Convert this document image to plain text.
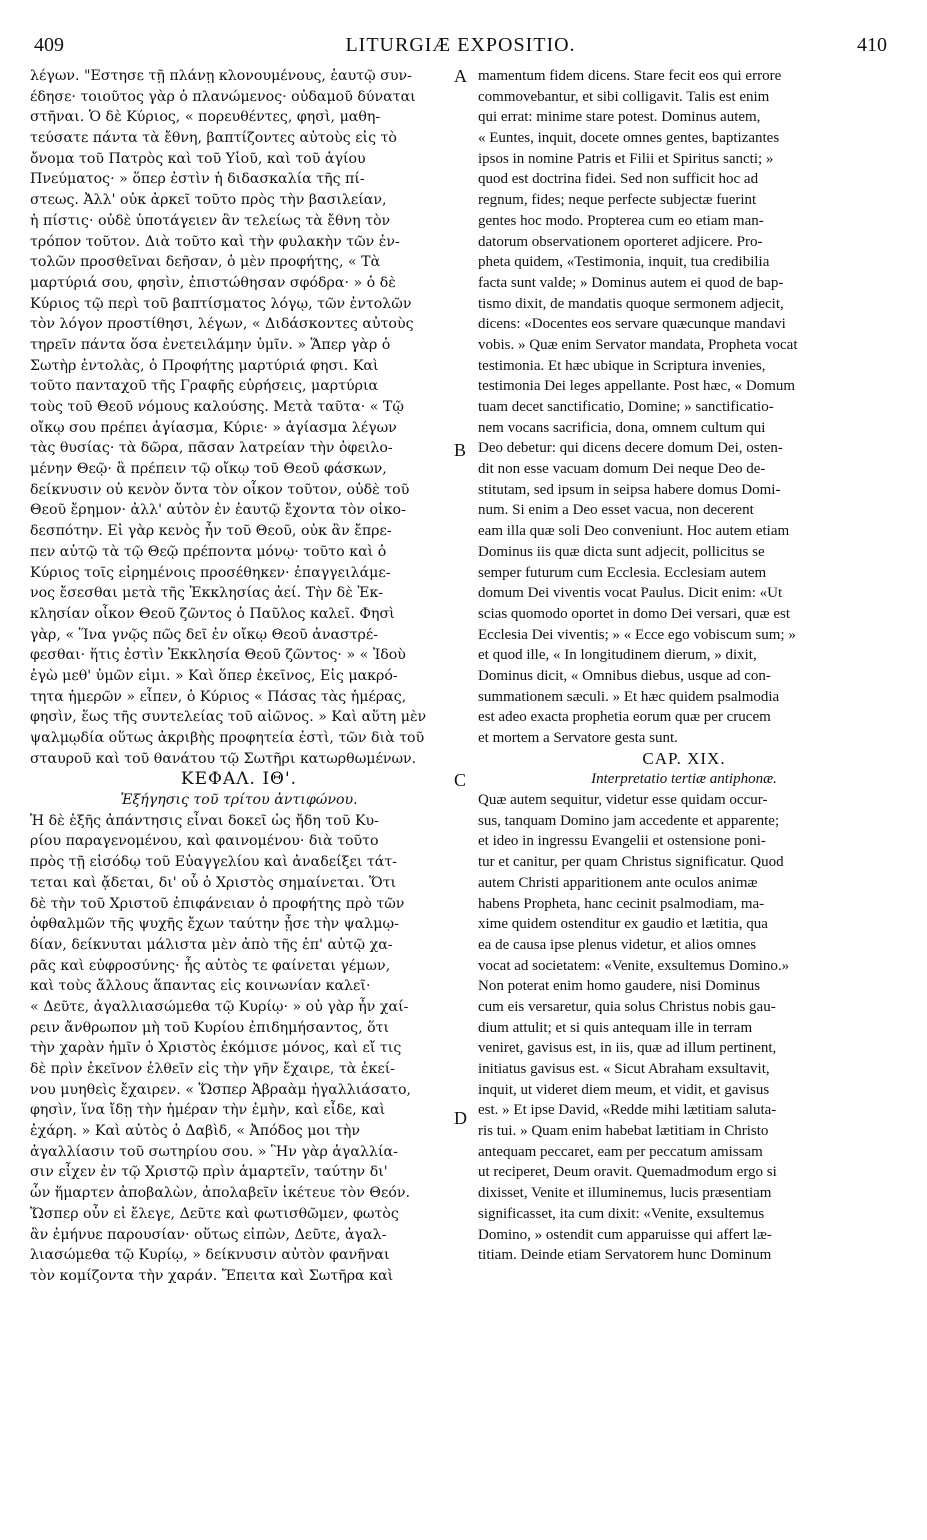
409	LITURGIÆ EXPOSITIO.	410
λέγων. "Εστησε τῇ πλάνῃ κλονουμένους, ἑαυτῷ συν-
έδησε· τοιοῦτος γὰρ ὁ πλανώμενος· οὐδαμοῦ δύναται
στῆναι. Ὁ δὲ Κύριος, « πορευθέντες, φησὶ, μαθη-
τεύσατε πάντα τὰ ἔθνη, βαπτίζοντες αὐτοὺς εἰς τὸ
ὄνομα τοῦ Πατρὸς καὶ τοῦ Υἱοῦ, καὶ τοῦ ἁγίου
Πνεύματος· » ὅπερ ἐστὶν ἡ διδασκαλία τῆς πί-
στεως. Ἀλλ' οὐκ ἀρκεῖ τοῦτο πρὸς τὴν βασιλείαν,
ἡ πίστις· οὐδὲ ὑποτάγειεν ἂν τελείως τὰ ἔθνη τὸν
τρόπον τοῦτον. Διὰ τοῦτο καὶ τὴν φυλακὴν τῶν ἐν-
τολῶν προσθεῖναι δεῆσαν, ὁ μὲν προφήτης, « Τὰ
μαρτύριά σου, φησὶν, ἐπιστώθησαν σφόδρα· » ὁ δὲ
Κύριος τῷ περὶ τοῦ βαπτίσματος λόγῳ, τῶν ἐντολῶν
τὸν λόγον προστίθησι, λέγων, « Διδάσκοντες αὐτοὺς
τηρεῖν πάντα ὅσα ἐνετειλάμην ὑμῖν. » Ἅπερ γὰρ ὁ
Σωτὴρ ἐντολὰς, ὁ Προφήτης μαρτύριά φησι. Καὶ
τοῦτο πανταχοῦ τῆς Γραφῆς εὑρήσεις, μαρτύρια
τοὺς τοῦ Θεοῦ νόμους καλούσης. Μετὰ ταῦτα· « Τῷ
οἴκῳ σου πρέπει ἁγίασμα, Κύριε· » ἁγίασμα λέγων
τὰς θυσίας· τὰ δῶρα, πᾶσαν λατρείαν τὴν ὀφειλο-
μένην Θεῷ· ἃ πρέπειν τῷ οἴκῳ τοῦ Θεοῦ φάσκων,
δείκνυσιν οὐ κενὸν ὄντα τὸν οἶκον τοῦτον, οὐδὲ τοῦ
Θεοῦ ἔρημον· ἀλλ' αὐτὸν ἐν ἑαυτῷ ἔχοντα τὸν οἰκο-
δεσπότην. Εἰ γὰρ κενὸς ἦν τοῦ Θεοῦ, οὐκ ἂν ἔπρε-
πεν αὐτῷ τὰ τῷ Θεῷ πρέποντα μόνῳ· τοῦτο καὶ ὁ
Κύριος τοῖς εἰρημένοις προσέθηκεν· ἐπαγγειλάμε-
νος ἔσεσθαι μετὰ τῆς Ἐκκλησίας ἀεί. Τὴν δὲ Ἐκ-
κλησίαν οἶκον Θεοῦ ζῶντος ὁ Παῦλος καλεῖ. Φησὶ
γὰρ, « Ἵνα γνῷς πῶς δεῖ ἐν οἴκῳ Θεοῦ ἀναστρέ-
φεσθαι· ἥτις ἐστὶν Ἐκκλησία Θεοῦ ζῶντος· » « Ἰδοὺ
ἐγὼ μεθ' ὑμῶν εἰμι. » Καὶ ὅπερ ἐκεῖνος, Εἰς μακρό-
τητα ἡμερῶν » εἶπεν, ὁ Κύριος « Πάσας τὰς ἡμέρας,
φησὶν, ἕως τῆς συντελείας τοῦ αἰῶνος. » Καὶ αὕτη μὲν
ψαλμῳδία οὕτως ἀκριβὴς προφητεία ἐστὶ, τῶν διὰ τοῦ
σταυροῦ καὶ τοῦ θανάτου τῷ Σωτῆρι κατωρθωμένων.
ΚΕΦΑΛ. ΙΘ'.
Ἐξήγησις τοῦ τρίτου ἀντιφώνου.
Ἡ δὲ ἑξῆς ἀπάντησις εἶναι δοκεῖ ὡς ἤδη τοῦ Κυ-
ρίου παραγενομένου, καὶ φαινομένου· διὰ τοῦτο
πρὸς τῇ εἰσόδῳ τοῦ Εὐαγγελίου καὶ ἀναδείξει τάτ-
τεται καὶ ᾄδεται, δι' οὗ ὁ Χριστὸς σημαίνεται. Ὅτι
δὲ τὴν τοῦ Χριστοῦ ἐπιφάνειαν ὁ προφήτης πρὸ τῶν
ὀφθαλμῶν τῆς ψυχῆς ἔχων ταύτην ᾖσε τὴν ψαλμῳ-
δίαν, δείκνυται μάλιστα μὲν ἀπὸ τῆς ἐπ' αὐτῷ χα-
ρᾶς καὶ εὐφροσύνης· ἧς αὐτὸς τε φαίνεται γέμων,
καὶ τοὺς ἄλλους ἅπαντας εἰς κοινωνίαν καλεῖ·
« Δεῦτε, ἀγαλλιασώμεθα τῷ Κυρίῳ· » οὐ γὰρ ἦν χαί-
ρειν ἄνθρωπον μὴ τοῦ Κυρίου ἐπιδημήσαντος, ὅτι
τὴν χαρὰν ἡμῖν ὁ Χριστὸς ἐκόμισε μόνος, καὶ εἴ τις
δὲ πρὶν ἐκεῖνον ἐλθεῖν εἰς τὴν γῆν ἔχαιρε, τὰ ἐκεί-
νου μυηθεὶς ἔχαιρεν. « Ὥσπερ Ἀβραὰμ ἠγαλλιάσατο,
φησὶν, ἵνα ἴδῃ τὴν ἡμέραν τὴν ἐμὴν, καὶ εἶδε, καὶ
ἐχάρη. » Καὶ αὐτὸς ὁ Δαβὶδ, « Ἀπόδος μοι τὴν
ἀγαλλίασιν τοῦ σωτηρίου σου. » Ἣν γὰρ ἀγαλλία-
σιν εἶχεν ἐν τῷ Χριστῷ πρὶν ἁμαρτεῖν, ταύτην δι'
ὧν ἥμαρτεν ἀποβαλὼν, ἀπολαβεῖν ἱκέτευε τὸν Θεόν.
Ὥσπερ οὖν εἰ ἔλεγε, Δεῦτε καὶ φωτισθῶμεν, φωτὸς
ἂν ἐμήνυε παρουσίαν· οὕτως εἰπὼν, Δεῦτε, ἀγαλ-
λιασώμεθα τῷ Κυρίῳ, » δείκνυσιν αὐτὸν φανῆναι
τὸν κομίζοντα τὴν χαράν. Ἔπειτα καὶ Σωτῆρα καὶ
mamentum fidem dicens. Stare fecit eos qui errore
commovebantur, et sibi colligavit. Talis est enim
qui errat: minime stare potest. Dominus autem,
« Euntes, inquit, docete omnes gentes, baptizantes
ipsos in nomine Patris et Filii et Spiritus sancti; »
quod est doctrina fidei. Sed non sufficit hoc ad
regnum, fides; neque perfecte subjectæ fuerint
gentes hoc modo. Propterea cum eo etiam man-
datorum observationem oporteret adjicere. Pro-
pheta quidem, «Testimonia, inquit, tua credibilia
facta sunt valde; » Dominus autem ei quod de bap-
tismo dixit, de mandatis quoque sermonem adjecit,
dicens: «Docentes eos servare quæcunque mandavi
vobis. » Quæ enim Servator mandata, Propheta vocat
testimonia. Et hæc ubique in Scriptura invenies,
testimonia Dei leges appellante. Post hæc, « Domum
tuam decet sanctificatio, Domine; » sanctificatio-
nem vocans sacrificia, dona, omnem cultum qui
Deo debetur: qui dicens decere domum Dei, osten-
dit non esse vacuam domum Dei neque Deo de-
stitutam, sed ipsum in seipsa habere domus Domi-
num. Si enim a Deo esset vacua, non decerent
eam illa quæ soli Deo conveniunt. Hoc autem etiam
Dominus iis quæ dicta sunt adjecit, pollicitus se
semper futurum cum Ecclesia. Ecclesiam autem
domum Dei viventis vocat Paulus. Dicit enim: «Ut
scias quomodo oportet in domo Dei versari, quæ est
Ecclesia Dei viventis; » « Ecce ego vobiscum sum; »
et quod ille, « In longitudinem dierum, » dixit,
Dominus dicit, « Omnibus diebus, usque ad con-
summationem sæculi. » Et hæc quidem psalmodia
est adeo exacta prophetia eorum quæ per crucem
et mortem a Servatore gesta sunt.
CAP. XIX.
Interpretatio tertiæ antiphonæ.
Quæ autem sequitur, videtur esse quidam occur-
sus, tanquam Domino jam accedente et apparente;
et ideo in ingressu Evangelii et ostensione poni-
tur et canitur, per quam Christus significatur. Quod
autem Christi apparitionem ante oculos animæ
habens Propheta, hanc cecinit psalmodiam, ma-
xime quidem ostenditur ex gaudio et lætitia, qua
ea de causa ipse plenus videtur, et alios omnes
vocat ad societatem: «Venite, exsultemus Domino.»
Non poterat enim homo gaudere, nisi Dominus
cum eis versaretur, quia solus Christus nobis gau-
dium attulit; et si quis antequam ille in terram
veniret, gavisus est, in iis, quæ ad illum pertinent,
initiatus gavisus est. « Sicut Abraham exsultavit,
inquit, ut videret diem meum, et vidit, et gavisus
est. » Et ipse David, «Redde mihi lætitiam saluta-
ris tui. » Quam enim habebat lætitiam in Christo
antequam peccaret, eam per peccatum amissam
ut reciperet, Deum oravit. Quemadmodum ergo si
dixisset, Venite et illuminemus, lucis præsentiam
significasset, ita cum dixit: «Venite, exsultemus
Domino, » ostendit cum apparuisse qui affert læ-
titiam. Deinde etiam Servatorem hunc Dominum
A
B
C
D
